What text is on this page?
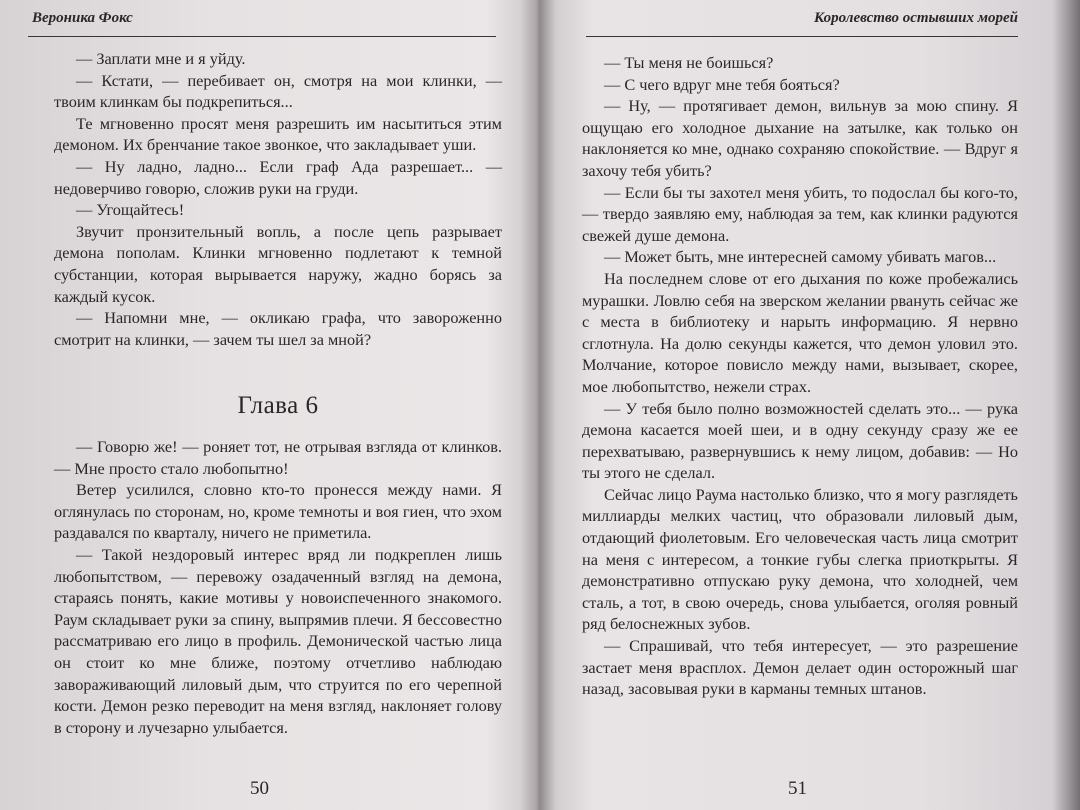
Вероника Фокс

— Заплати мне и я уйду.

— Кстати, — перебивает он, смотря на мои клинки, — твоим клинкам бы подкрепиться...

Те мгновенно просят меня разрешить им насытиться этим демоном. Их бренчание такое звонкое, что закладывает уши.

— Ну ладно, ладно... Если граф Ада разрешает... — недоверчиво говорю, сложив руки на груди.

— Угощайтесь!

Звучит пронзительный вопль, а после цепь разрывает демона пополам. Клинки мгновенно подлетают к темной субстанции, которая вырывается наружу, жадно борясь за каждый кусок.

— Напомни мне, — окликаю графа, что завороженно смотрит на клинки, — зачем ты шел за мной?

Глава 6

— Говорю же! — роняет тот, не отрывая взгляда от клинков. — Мне просто стало любопытно!

Ветер усилился, словно кто-то пронесся между нами. Я оглянулась по сторонам, но, кроме темноты и воя гиен, что эхом раздавался по кварталу, ничего не приметила.

— Такой нездоровый интерес вряд ли подкреплен лишь любопытством, — перевожу озадаченный взгляд на демона, стараясь понять, какие мотивы у новоиспеченного знакомого. Раум складывает руки за спину, выпрямив плечи. Я бессовестно рассматриваю его лицо в профиль. Демонической частью лица он стоит ко мне ближе, поэтому отчетливо наблюдаю завораживающий лиловый дым, что струится по его черепной кости. Демон резко переводит на меня взгляд, наклоняет голову в сторону и лучезарно улыбается.

50
Королевство остывших морей

— Ты меня не боишься?

— С чего вдруг мне тебя бояться?

— Ну, — протягивает демон, вильнув за мою спину. Я ощущаю его холодное дыхание на затылке, как только он наклоняется ко мне, однако сохраняю спокойствие. — Вдруг я захочу тебя убить?

— Если бы ты захотел меня убить, то подослал бы кого-то, — твердо заявляю ему, наблюдая за тем, как клинки радуются свежей душе демона.

— Может быть, мне интересней самому убивать магов...

На последнем слове от его дыхания по коже пробежались мурашки. Ловлю себя на зверском желании рвануть сейчас же с места в библиотеку и нарыть информацию. Я нервно сглотнула. На долю секунды кажется, что демон уловил это. Молчание, которое повисло между нами, вызывает, скорее, мое любопытство, нежели страх.

— У тебя было полно возможностей сделать это... — рука демона касается моей шеи, и в одну секунду сразу же ее перехватываю, развернувшись к нему лицом, добавив: — Но ты этого не сделал.

Сейчас лицо Раума настолько близко, что я могу разглядеть миллиарды мелких частиц, что образовали лиловый дым, отдающий фиолетовым. Его человеческая часть лица смотрит на меня с интересом, а тонкие губы слегка приоткрыты. Я демонстративно отпускаю руку демона, что холодней, чем сталь, а тот, в свою очередь, снова улыбается, оголяя ровный ряд белоснежных зубов.

— Спрашивай, что тебя интересует, — это разрешение застает меня врасплох. Демон делает один осторожный шаг назад, засовывая руки в карманы темных штанов.

51
